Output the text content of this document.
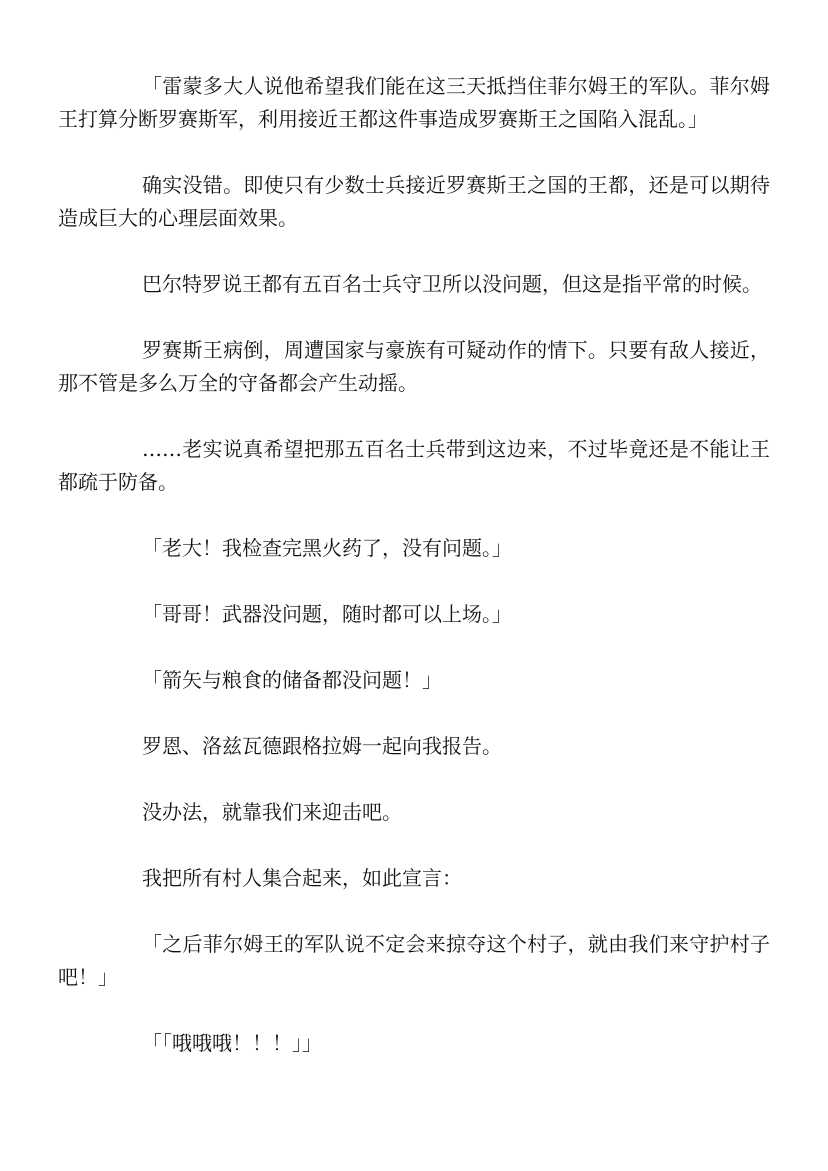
「雷蒙多大人说他希望我们能在这三天抵挡住菲尔姆王的军队。菲尔姆王打算分断罗赛斯军，利用接近王都这件事造成罗赛斯王之国陷入混乱。」

确实没错。即使只有少数士兵接近罗赛斯王之国的王都，还是可以期待造成巨大的心理层面效果。

巴尔特罗说王都有五百名士兵守卫所以没问题，但这是指平常的时候。

罗赛斯王病倒，周遭国家与豪族有可疑动作的情下。只要有敌人接近，那不管是多么万全的守备都会产生动摇。

……老实说真希望把那五百名士兵带到这边来，不过毕竟还是不能让王都疏于防备。

「老大！我检查完黑火药了，没有问题。」

「哥哥！武器没问题，随时都可以上场。」

「箭矢与粮食的储备都没问题！」

罗恩、洛兹瓦德跟格拉姆一起向我报告。

没办法，就靠我们来迎击吧。

我把所有村人集合起来，如此宣言：

「之后菲尔姆王的军队说不定会来掠夺这个村子，就由我们来守护村子吧！」

「「哦哦哦！！！」」
